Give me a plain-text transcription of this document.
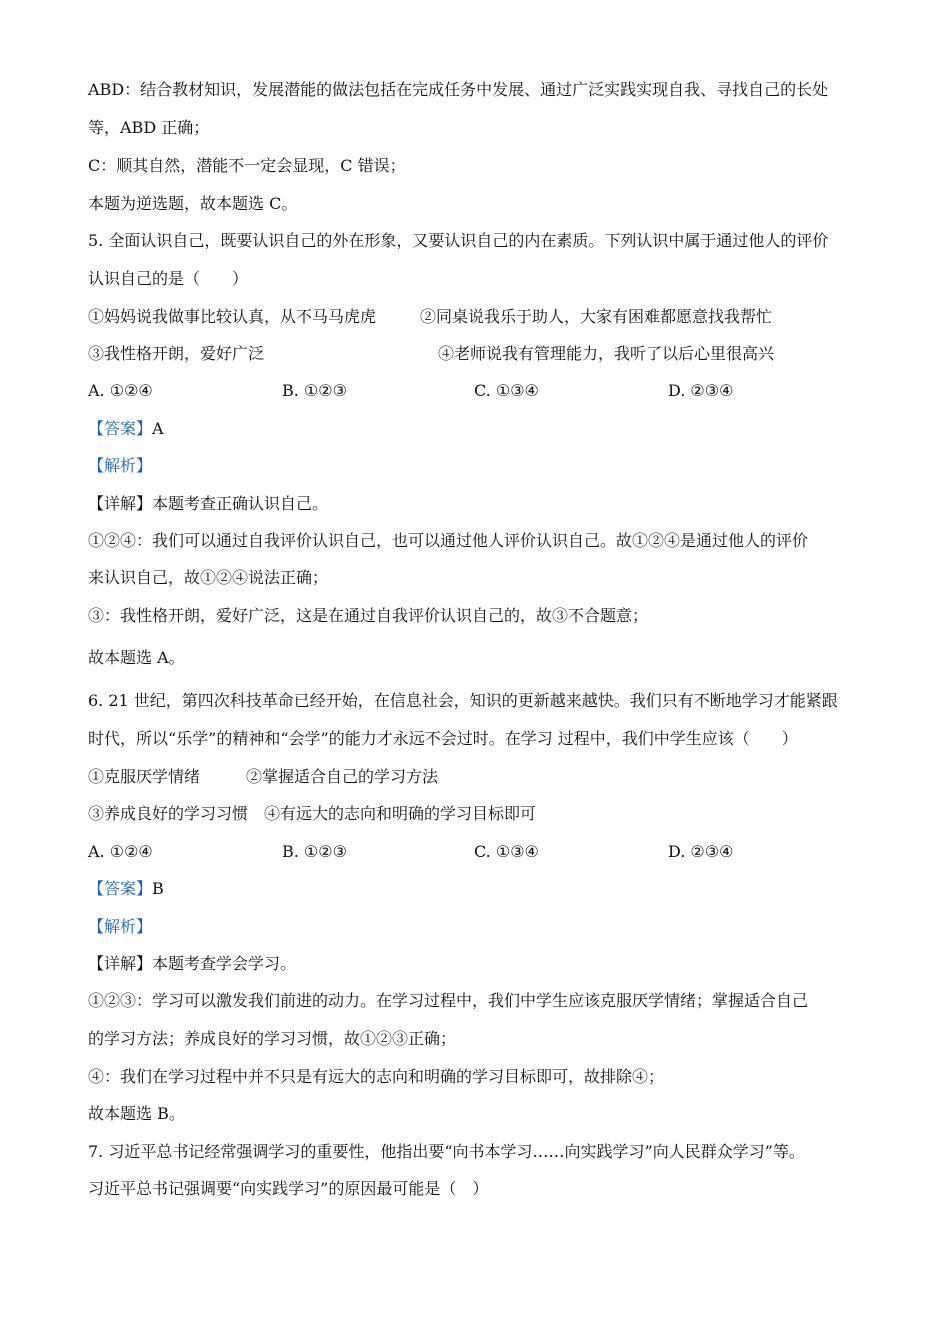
ABD：结合教材知识，发展潜能的做法包括在完成任务中发展、通过广泛实践实现自我、寻找自己的长处
等，ABD 正确；
C：顺其自然，潜能不一定会显现，C 错误；
本题为逆选题，故本题选 C。
5. 全面认识自己，既要认识自己的外在形象，又要认识自己的内在素质。下列认识中属于通过他人的评价
认识自己的是（　　）
①妈妈说我做事比较认真，从不马马虎虎	②同桌说我乐于助人，大家有困难都愿意找我帮忙
③我性格开朗，爱好广泛	④老师说我有管理能力，我听了以后心里很高兴
A. ①②④	B. ①②③	C. ①③④	D. ②③④
【答案】A
【解析】
【详解】本题考查正确认识自己。
①②④：我们可以通过自我评价认识自己，也可以通过他人评价认识自己。故①②④是通过他人的评价
来认识自己，故①②④说法正确；
③：我性格开朗，爱好广泛，这是在通过自我评价认识自己的，故③不合题意；
故本题选 A。
6. 21 世纪，第四次科技革命已经开始，在信息社会，知识的更新越来越快。我们只有不断地学习才能紧跟
时代，所以“乐学”的精神和“会学”的能力才永远不会过时。在学习 过程中，我们中学生应该（　　）
①克服厌学情绪	②掌握适合自己的学习方法
③养成良好的学习习惯　④有远大的志向和明确的学习目标即可
A. ①②④	B. ①②③	C. ①③④	D. ②③④
【答案】B
【解析】
【详解】本题考查学会学习。
①②③：学习可以激发我们前进的动力。在学习过程中，我们中学生应该克服厌学情绪；掌握适合自己
的学习方法；养成良好的学习习惯，故①②③正确；
④：我们在学习过程中并不只是有远大的志向和明确的学习目标即可，故排除④；
故本题选 B。
7. 习近平总书记经常强调学习的重要性，他指出要“向书本学习……向实践学习”向人民群众学习”等。
习近平总书记强调要“向实践学习”的原因最可能是（　）
